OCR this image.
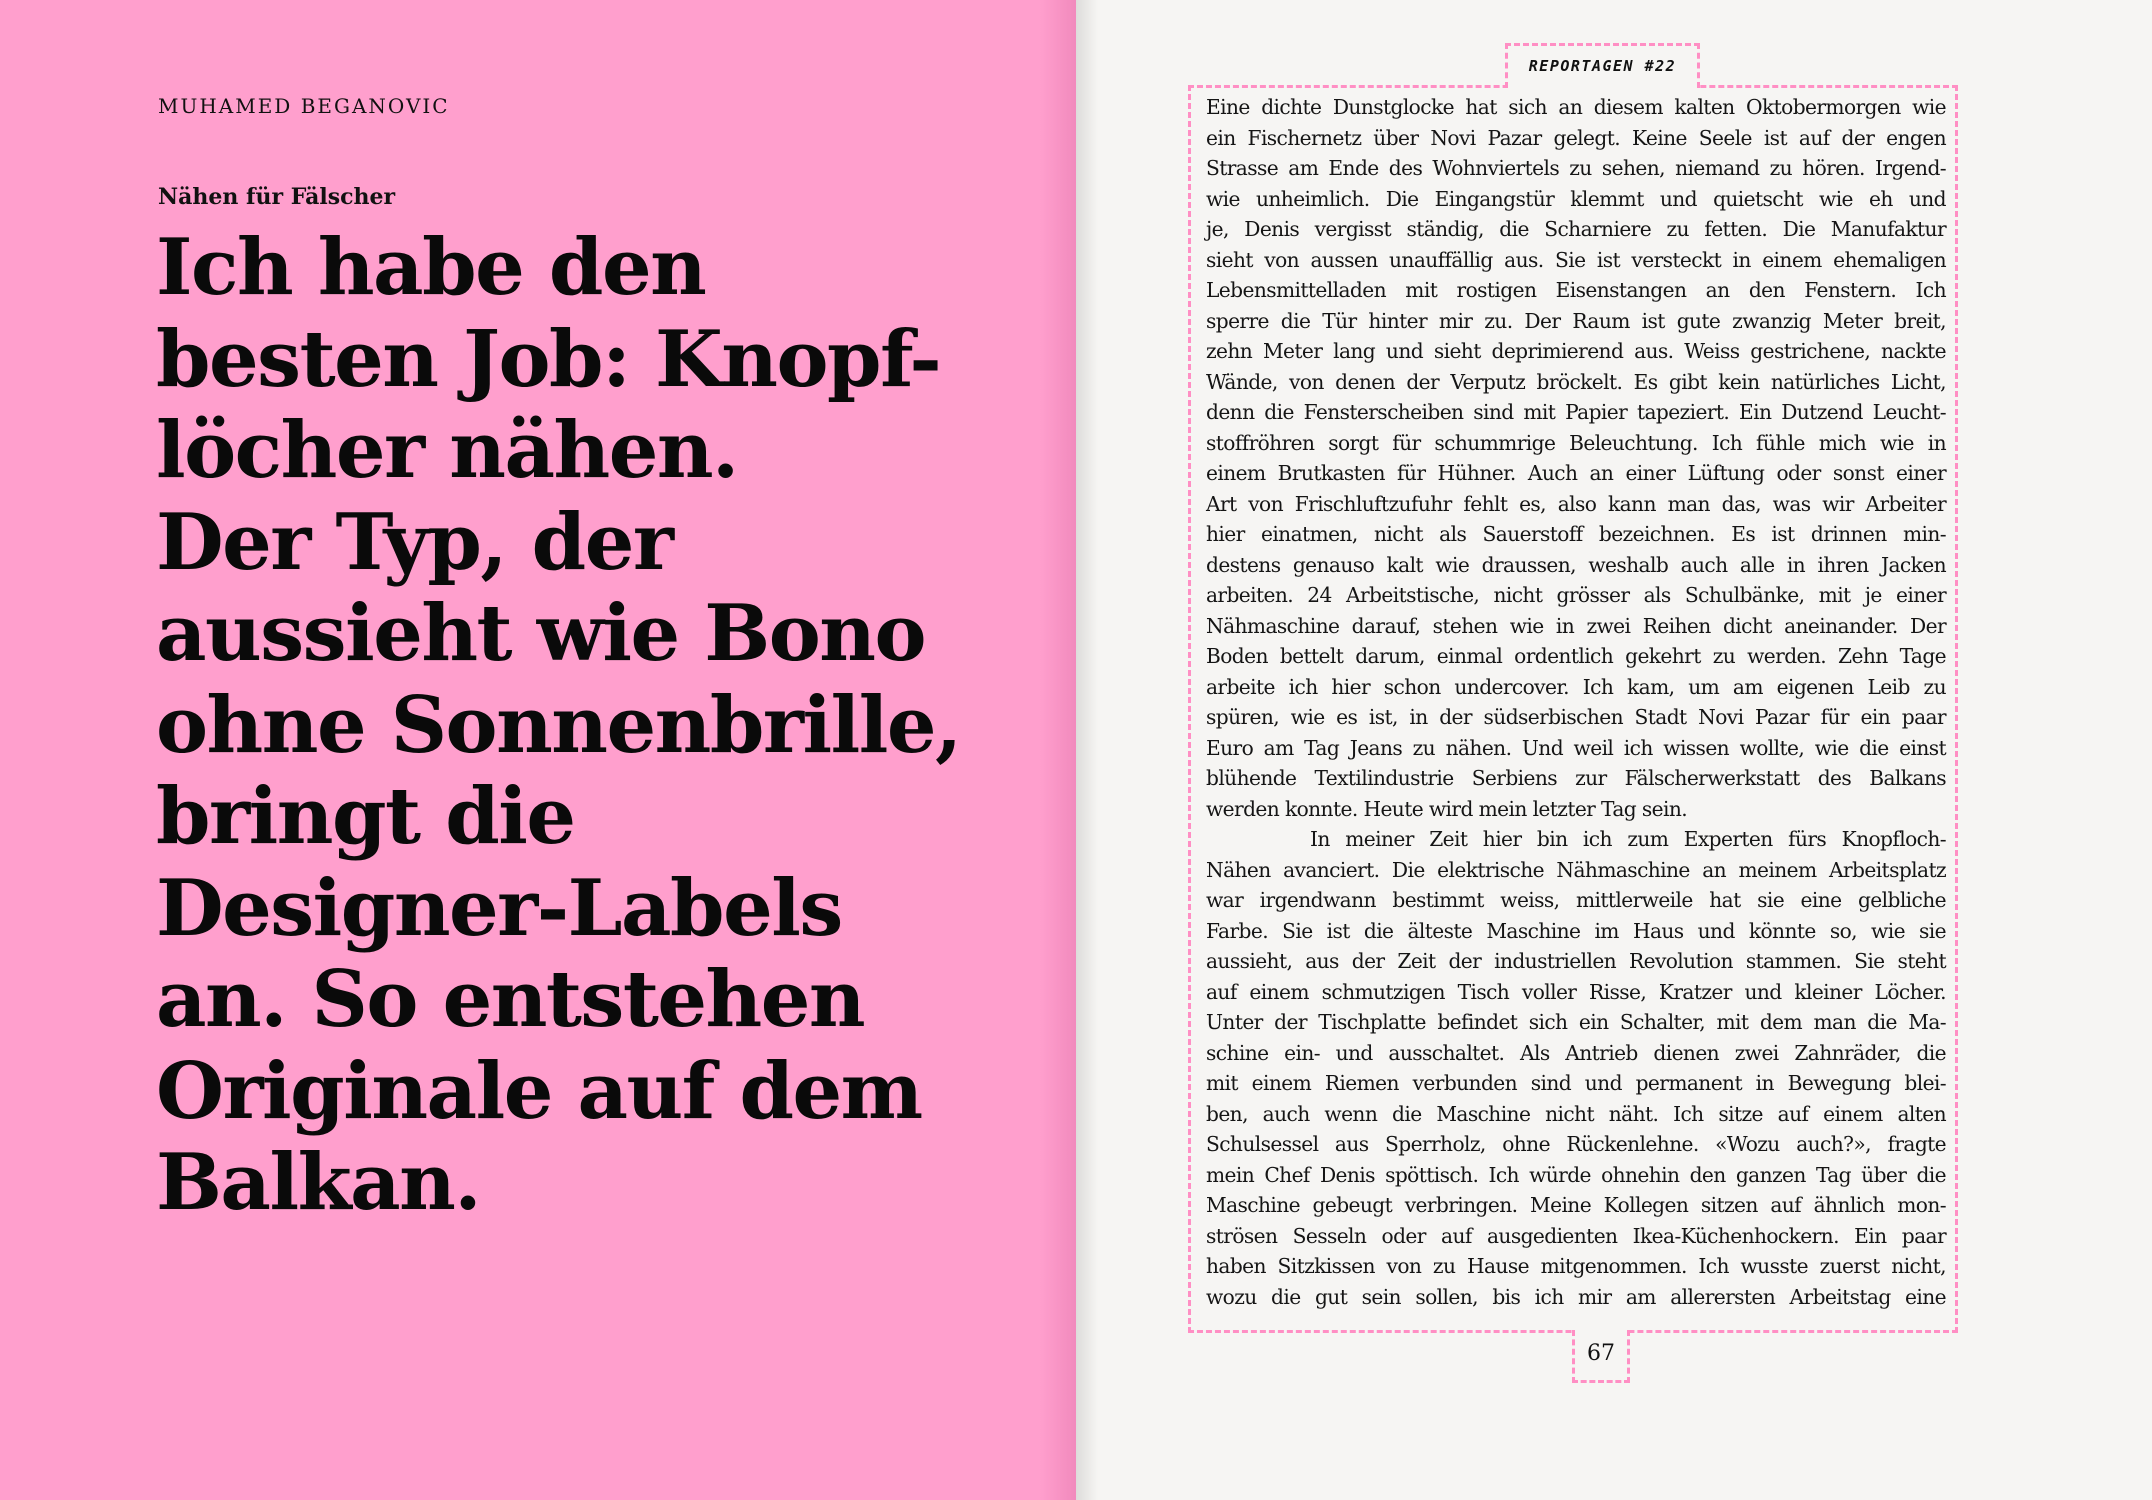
MUHAMED BEGANOVIC
Nähen für Fälscher
Ich habe den
besten Job: Knopf-
löcher nähen.
Der Typ, der
aussieht wie Bono
ohne Sonnenbrille,
bringt die
Designer-Labels
an. So entstehen
Originale auf dem
Balkan.
REPORTAGEN #22
67
Eine dichte Dunstglocke hat sich an diesem kalten Oktobermorgen wie
ein Fischernetz über Novi Pazar gelegt. Keine Seele ist auf der engen
Strasse am Ende des Wohnviertels zu sehen, niemand zu hören. Irgend-
wie unheimlich. Die Eingangstür klemmt und quietscht wie eh und
je, Denis vergisst ständig, die Scharniere zu fetten. Die Manufaktur
sieht von aussen unauffällig aus. Sie ist versteckt in einem ehemaligen
Lebensmittelladen mit rostigen Eisenstangen an den Fenstern. Ich
sperre die Tür hinter mir zu. Der Raum ist gute zwanzig Meter breit,
zehn Meter lang und sieht deprimierend aus. Weiss gestrichene, nackte
Wände, von denen der Verputz bröckelt. Es gibt kein natürliches Licht,
denn die Fensterscheiben sind mit Papier tapeziert. Ein Dutzend Leucht-
stoffröhren sorgt für schummrige Beleuchtung. Ich fühle mich wie in
einem Brutkasten für Hühner. Auch an einer Lüftung oder sonst einer
Art von Frischluftzufuhr fehlt es, also kann man das, was wir Arbeiter
hier einatmen, nicht als Sauerstoff bezeichnen. Es ist drinnen min-
destens genauso kalt wie draussen, weshalb auch alle in ihren Jacken
arbeiten. 24 Arbeitstische, nicht grösser als Schulbänke, mit je einer
Nähmaschine darauf, stehen wie in zwei Reihen dicht aneinander. Der
Boden bettelt darum, einmal ordentlich gekehrt zu werden. Zehn Tage
arbeite ich hier schon undercover. Ich kam, um am eigenen Leib zu
spüren, wie es ist, in der südserbischen Stadt Novi Pazar für ein paar
Euro am Tag Jeans zu nähen. Und weil ich wissen wollte, wie die einst
blühende Textilindustrie Serbiens zur Fälscherwerkstatt des Balkans
werden konnte. Heute wird mein letzter Tag sein.
In meiner Zeit hier bin ich zum Experten fürs Knopfloch-
Nähen avanciert. Die elektrische Nähmaschine an meinem Arbeitsplatz
war irgendwann bestimmt weiss, mittlerweile hat sie eine gelbliche
Farbe. Sie ist die älteste Maschine im Haus und könnte so, wie sie
aussieht, aus der Zeit der industriellen Revolution stammen. Sie steht
auf einem schmutzigen Tisch voller Risse, Kratzer und kleiner Löcher.
Unter der Tischplatte befindet sich ein Schalter, mit dem man die Ma-
schine ein- und ausschaltet. Als Antrieb dienen zwei Zahnräder, die
mit einem Riemen verbunden sind und permanent in Bewegung blei-
ben, auch wenn die Maschine nicht näht. Ich sitze auf einem alten
Schulsessel aus Sperrholz, ohne Rückenlehne. «Wozu auch?», fragte
mein Chef Denis spöttisch. Ich würde ohnehin den ganzen Tag über die
Maschine gebeugt verbringen. Meine Kollegen sitzen auf ähnlich mon-
strösen Sesseln oder auf ausgedienten Ikea-Küchenhockern. Ein paar
haben Sitzkissen von zu Hause mitgenommen. Ich wusste zuerst nicht,
wozu die gut sein sollen, bis ich mir am allerersten Arbeitstag eine
